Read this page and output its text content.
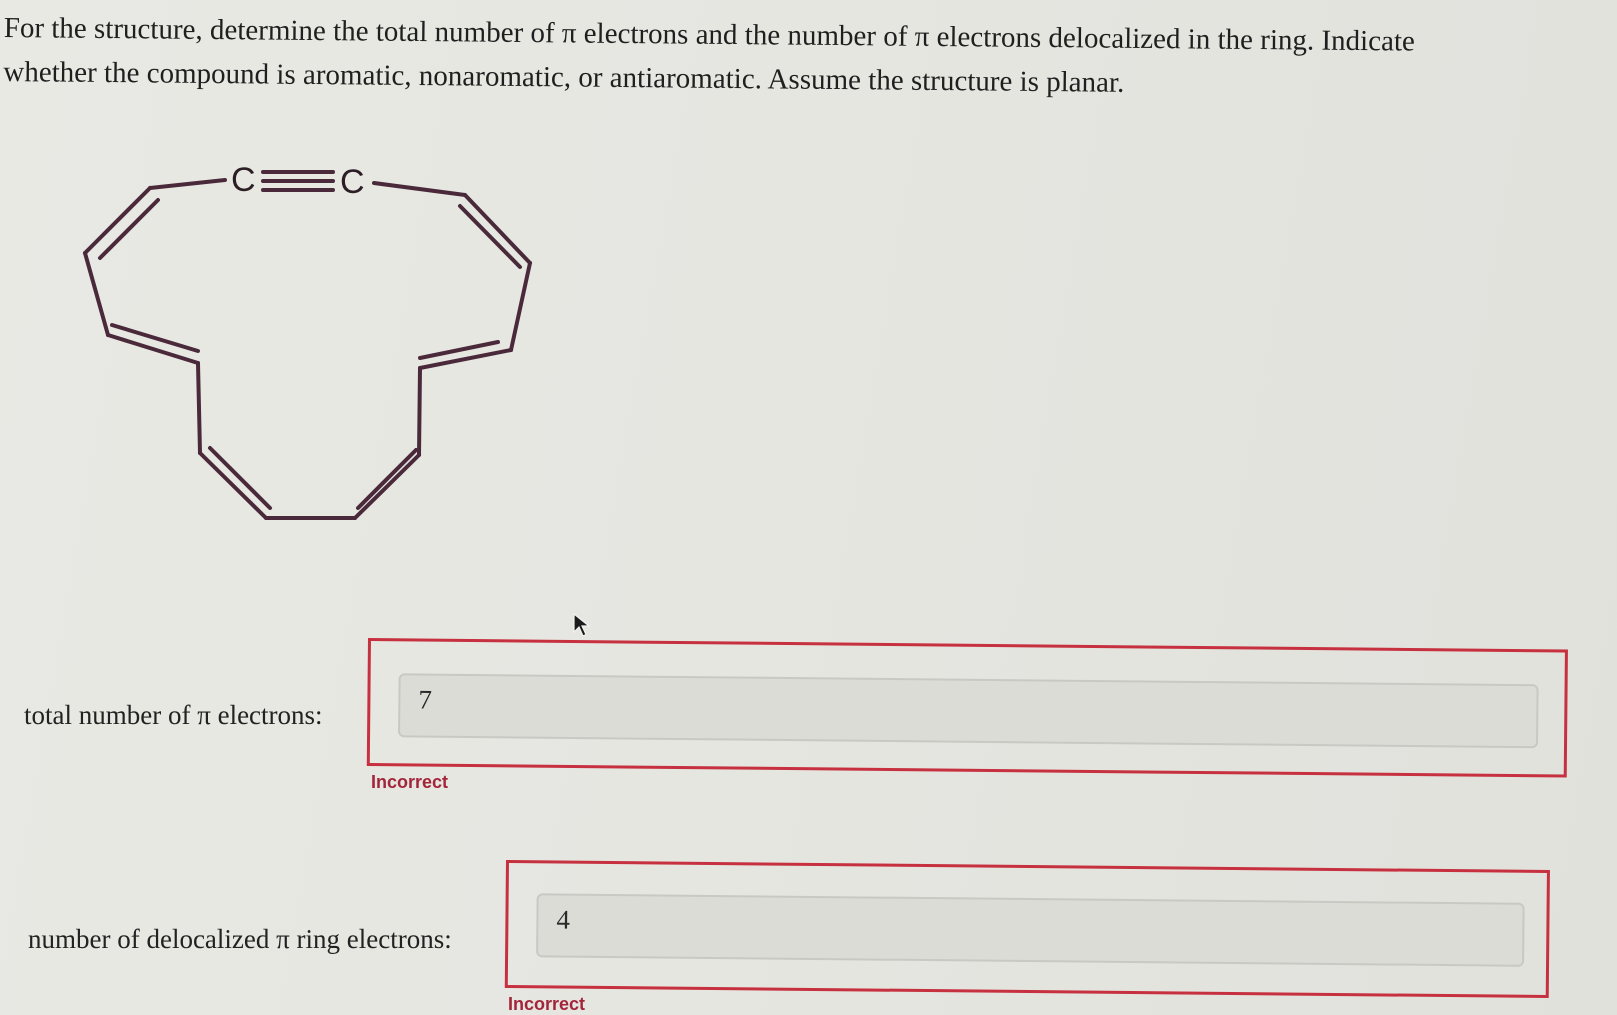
For the structure, determine the total number of π electrons and the number of π electrons delocalized in the ring. Indicate

whether the compound is aromatic, nonaromatic, or antiaromatic. Assume the structure is planar.

C C
total number of π electrons:
7
Incorrect
number of delocalized π ring electrons:
4
Incorrect
